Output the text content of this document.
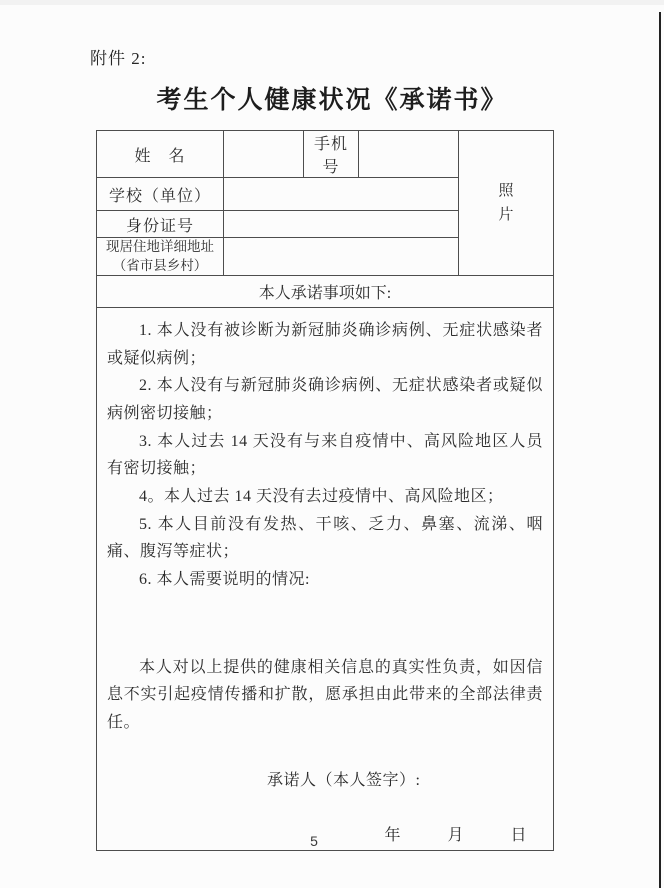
附件 2:
考生个人健康状况《承诺书》
姓　名		手机号		照
片

学校（单位）				
身份证号				
现居住地详细地址
（省市县乡村）				
本人承诺事项如下:				

1. 本人没有被诊断为新冠肺炎确诊病例、无症状感染者或疑似病例；

2. 本人没有与新冠肺炎确诊病例、无症状感染者或疑似病例密切接触；

3. 本人过去 14 天没有与来自疫情中、高风险地区人员有密切接触；

4。本人过去 14 天没有去过疫情中、高风险地区；

5. 本人目前没有发热、干咳、乏力、鼻塞、流涕、咽痛、腹泻等症状；

6. 本人需要说明的情况:

本人对以上提供的健康相关信息的真实性负责，如因信息不实引起疫情传播和扩散，愿承担由此带来的全部法律责任。

承诺人（本人签字）:

年	月	日

5
